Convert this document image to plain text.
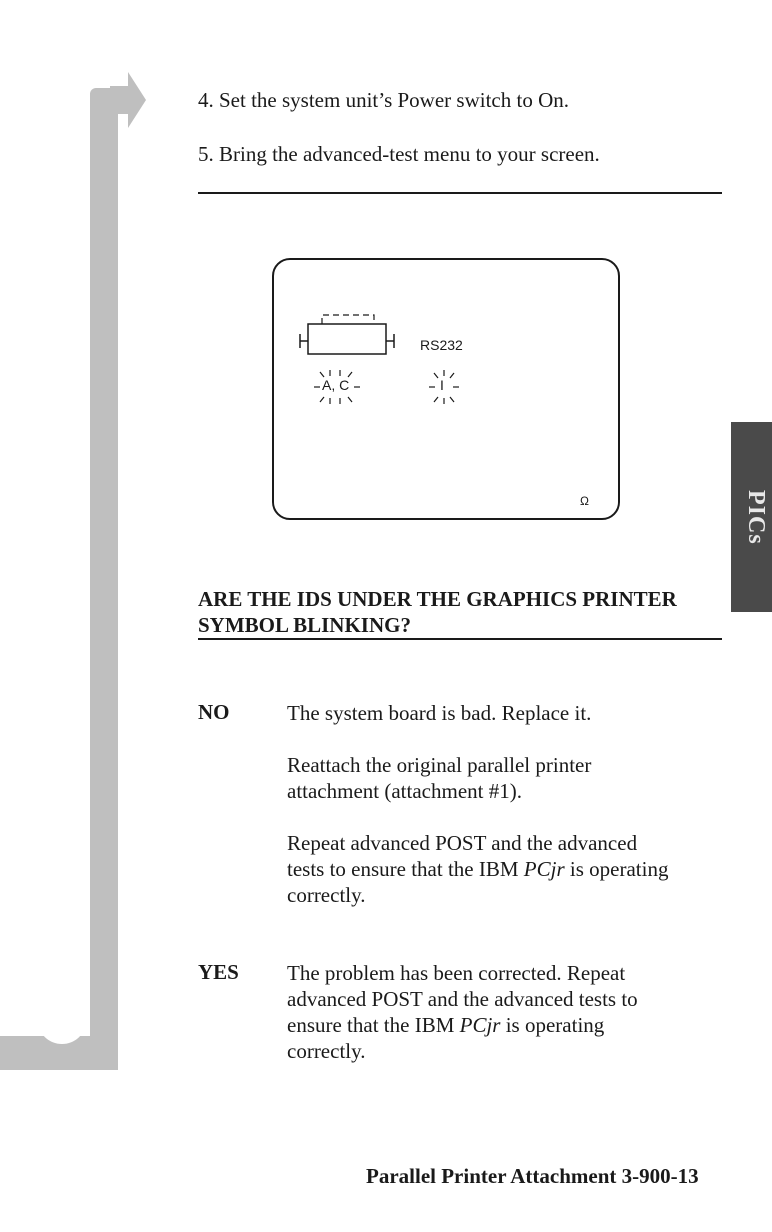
4. Set the system unit’s Power switch to On.
5. Bring the advanced-test menu to your screen.
RS232
A, C	I
Ω	PICs
ARE THE IDS UNDER THE GRAPHICS PRINTER
SYMBOL BLINKING?
NO	The system board is bad. Replace it.
Reattach the original parallel printer
attachment (attachment #1).
Repeat advanced POST and the advanced
tests to ensure that the IBM PCjr is operating
correctly.
YES The problem has been corrected. Repeat
advanced POST and the advanced tests to
ensure that the IBM PCjr is operating
correctly.
Parallel Printer Attachment 3-900-13
